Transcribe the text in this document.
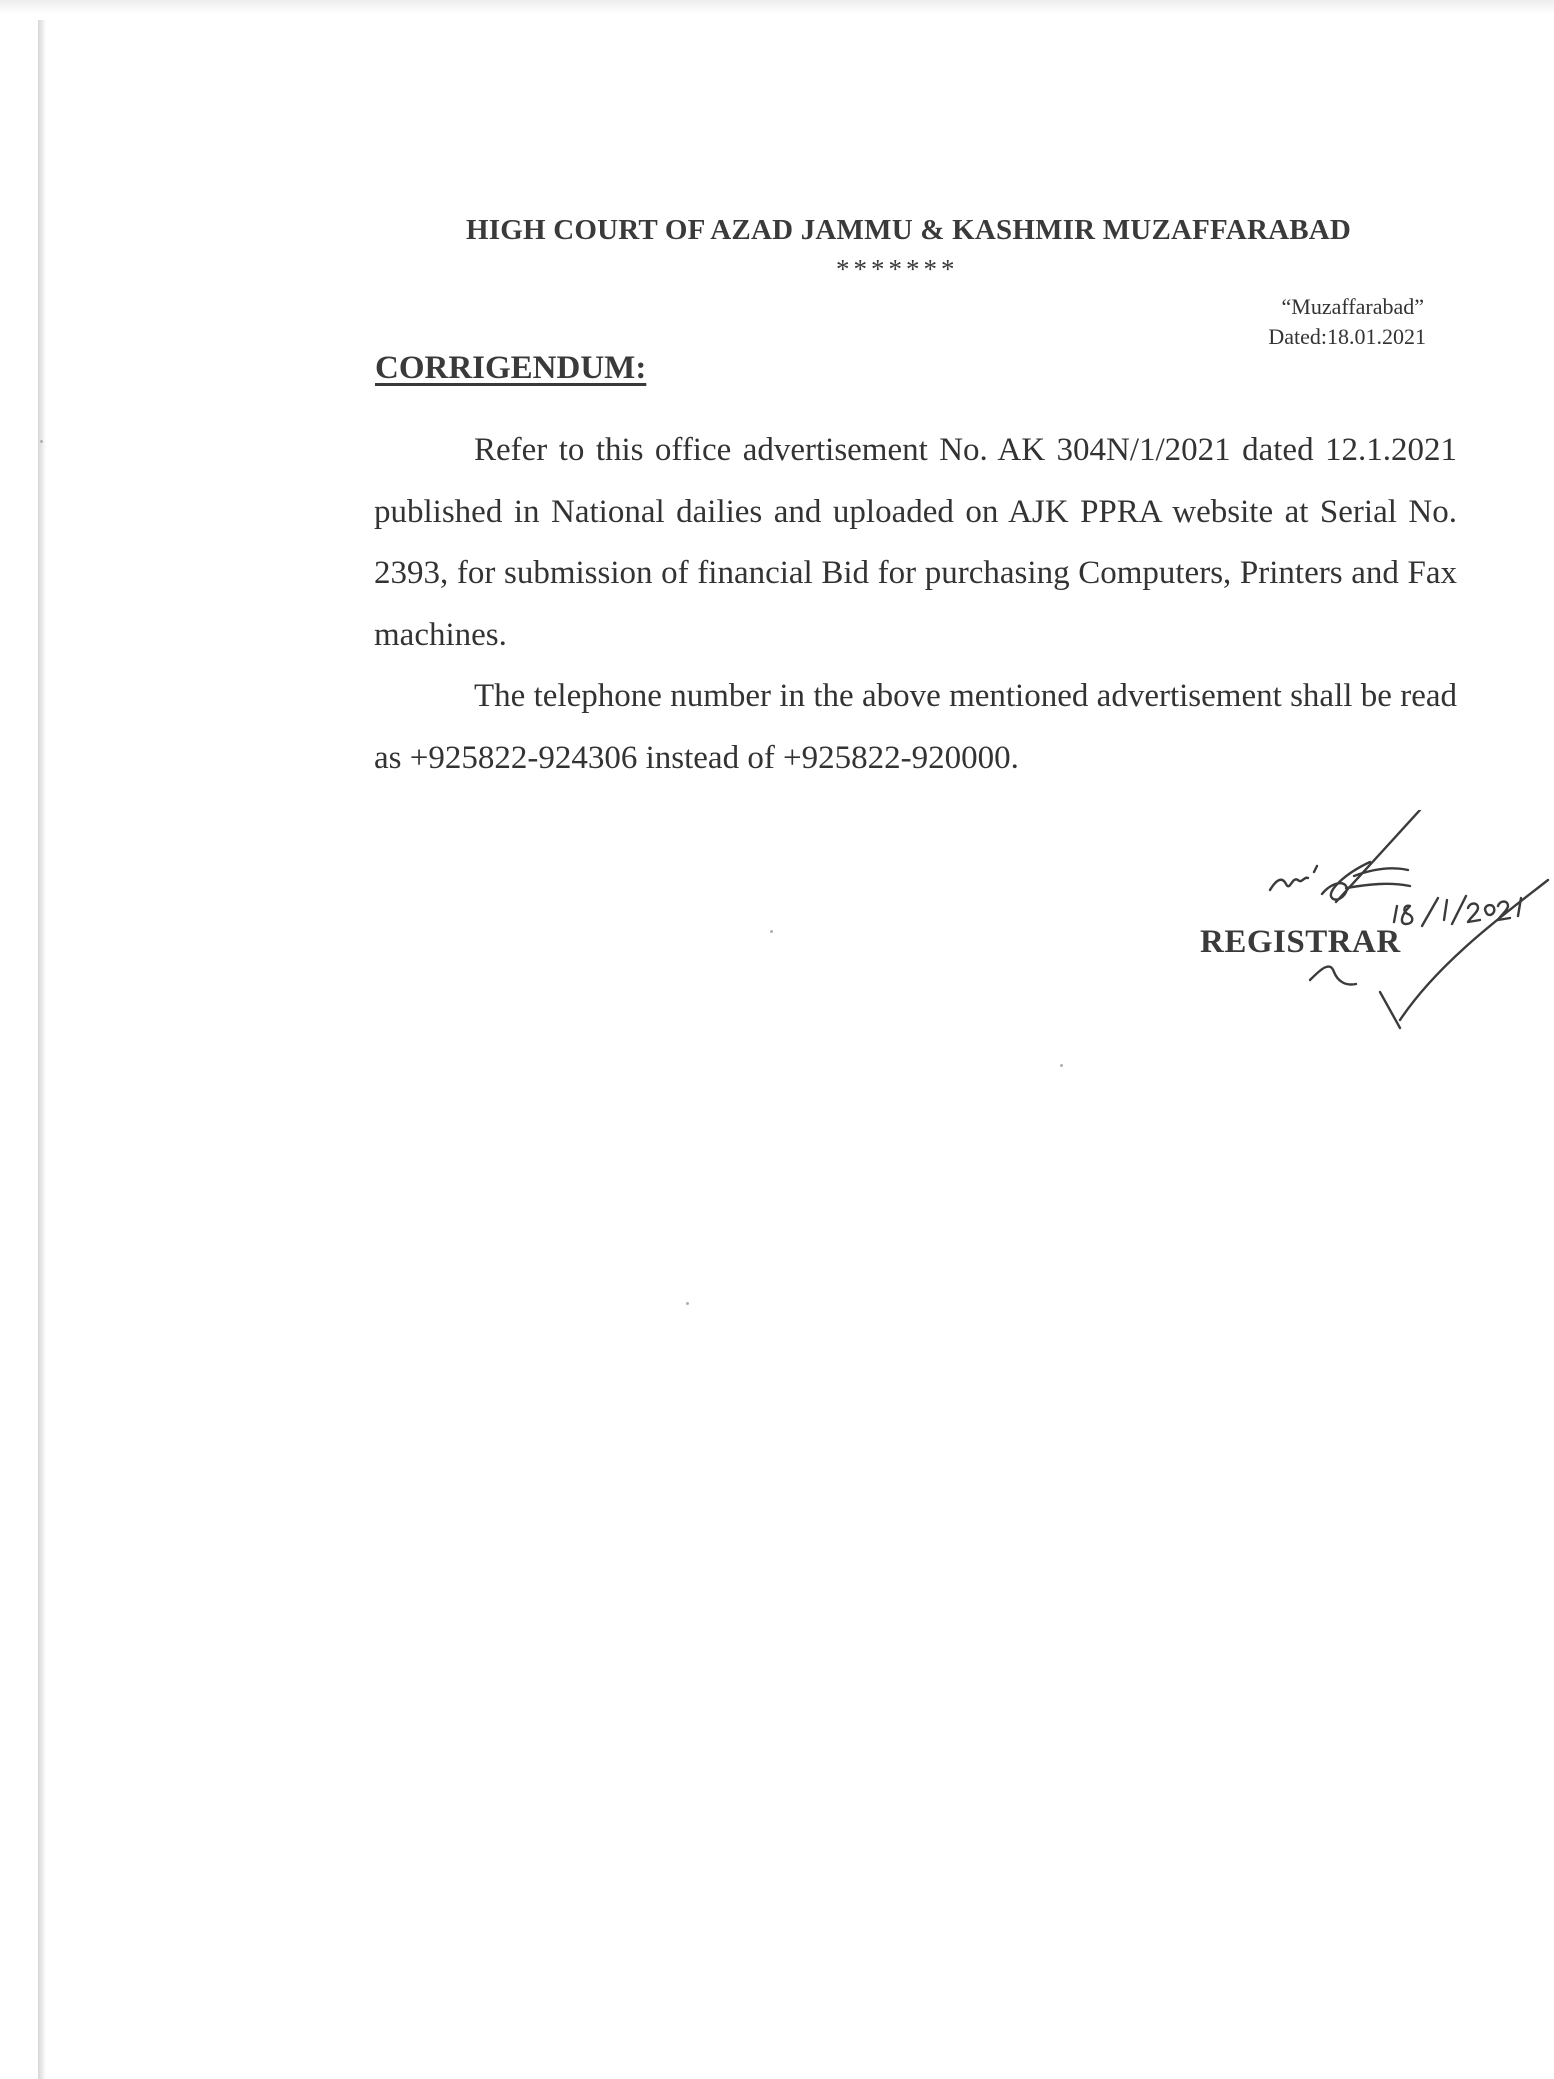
HIGH COURT OF AZAD JAMMU & KASHMIR MUZAFFARABAD
*******
“Muzaffarabad”
Dated:18.01.2021
CORRIGENDUM:

Refer to this office advertisement No. AK 304N/1/2021 dated 12.1.2021 published in National dailies and uploaded on AJK PPRA website at Serial No. 2393, for submission of financial Bid for purchasing Computers, Printers and Fax machines.

The telephone number in the above mentioned advertisement shall be read as +925822-924306 instead of +925822-920000.

REGISTRAR
